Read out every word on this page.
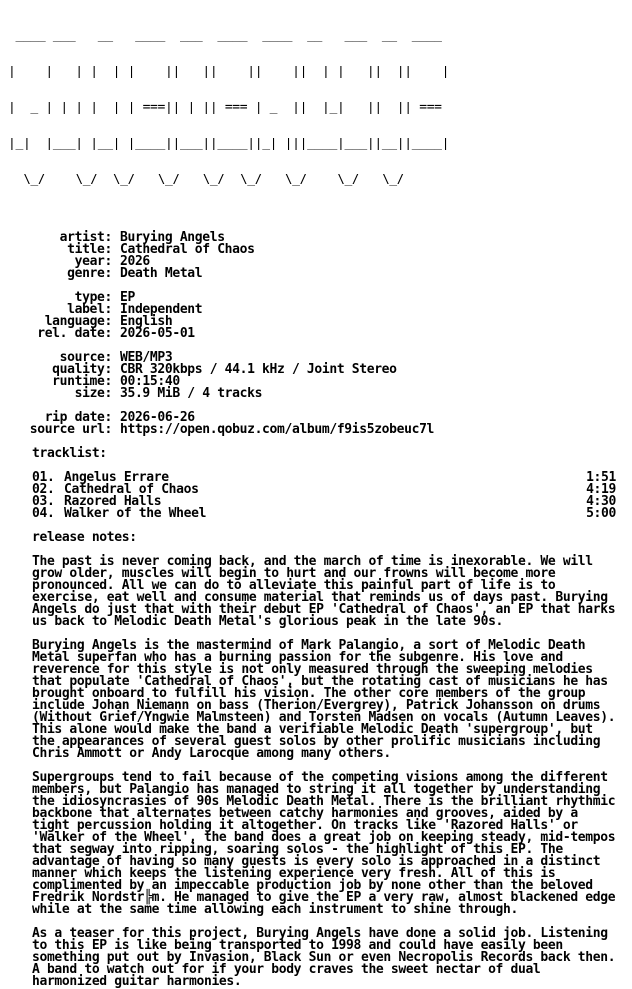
____ ___   __   ____  ___  ____  ____  __   ___  __  ____

|    |   | |  | |    ||   ||    ||    ||  | |   ||  ||    |

|  _ | | | |  | | ===|| | || === | _  ||  |_|   ||  || ===

|_|  |___| |__| |____||___||____||_| |||____|___||__||____|

\_/    \_/  \_/   \_/   \_/  \_/   \_/    \_/   \_/

artist: Burying Angels
title: Cathedral of Chaos
year: 2026
genre: Death Metal
type: EP
label: Independent
language: English
rel. date: 2026-05-01
source: WEB/MP3
quality: CBR 320kbps / 44.1 kHz / Joint Stereo
runtime: 00:15:40
size: 35.9 MiB / 4 tracks
rip date: 2026-06-26
source url: https://open.qobuz.com/album/f9is5zobeuc7l
tracklist:
01. Angelus Errare	1:51
02. Cathedral of Chaos	4:19
03. Razored Halls	4:30
04. Walker of the Wheel	5:00
release notes:
The past is never coming back, and the march of time is inexorable. We will grow older, muscles will begin to hurt and our frowns will become more pronounced. All we can do to alleviate this painful part of life is to exercise, eat well and consume material that reminds us of days past. Burying Angels do just that with their debut EP 'Cathedral of Chaos', an EP that harks us back to Melodic Death Metal's glorious peak in the late 90s.
Burying Angels is the mastermind of Mark Palangio, a sort of Melodic Death Metal superfan who has a burning passion for the subgenre. His love and reverence for this style is not only measured through the sweeping melodies that populate 'Cathedral of Chaos', but the rotating cast of musicians he has brought onboard to fulfill his vision. The other core members of the group include Johan Niemann on bass (Therion/Evergrey), Patrick Johansson on drums (Without Grief/Yngwie Malmsteen) and Torsten Madsen on vocals (Autumn Leaves). This alone would make the band a verifiable Melodic Death 'supergroup', but the appearances of several guest solos by other prolific musicians including Chris Ammott or Andy Larocque among many others.
Supergroups tend to fail because of the competing visions among the different members, but Palangio has managed to string it all together by understanding the idiosyncrasies of 90s Melodic Death Metal. There is the brilliant rhythmic backbone that alternates between catchy harmonies and grooves, aided by a tight percussion holding it altogether. On tracks like 'Razored Halls' or 'Walker of the Wheel', the band does a great job on keeping steady, mid-tempos that segway into ripping, soaring solos - the highlight of this EP. The advantage of having so many guests is every solo is approached in a distinct manner which keeps the listening experience very fresh. All of this is complimented by an impeccable production job by none other than the beloved Fredrik Nordstr╠m. He managed to give the EP a very raw, almost blackened edge while at the same time allowing each instrument to shine through.
As a teaser for this project, Burying Angels have done a solid job. Listening to this EP is like being transported to 1998 and could have easily been something put out by Invasion, Black Sun or even Necropolis Records back then. A band to watch out for if your body craves the sweet nectar of dual harmonized guitar harmonies.
